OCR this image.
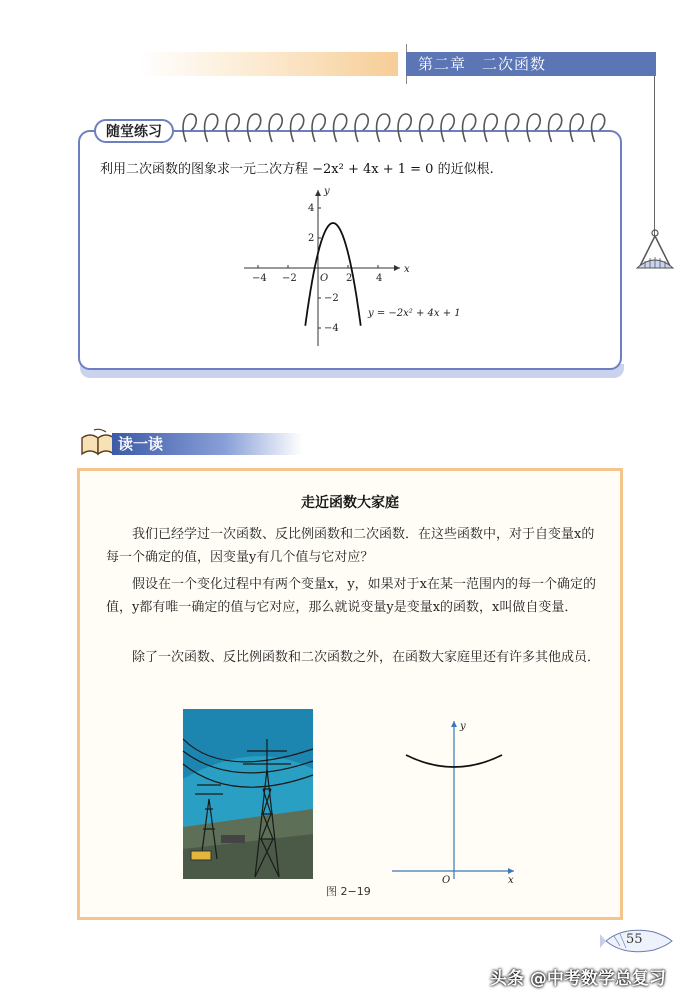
第二章　二次函数
随堂练习
利用二次函数的图象求一元二次方程 −2x² + 4x + 1 = 0 的近似根.
x
y
O
−4 −2	2 4
4
2
−2
−4
y = −2x² + 4x + 1
读一读
走近函数大家庭

我们已经学过一次函数、反比例函数和二次函数．在这些函数中，对于自变量x的每一个确定的值，因变量y有几个值与它对应？

假设在一个变化过程中有两个变量x，y，如果对于x在某一范围内的每一个确定的值，y都有唯一确定的值与它对应，那么就说变量y是变量x的函数，x叫做自变量．

除了一次函数、反比例函数和二次函数之外，在函数大家庭里还有许多其他成员．

x
y
O
图 2−19
55
头条 @中考数学总复习
